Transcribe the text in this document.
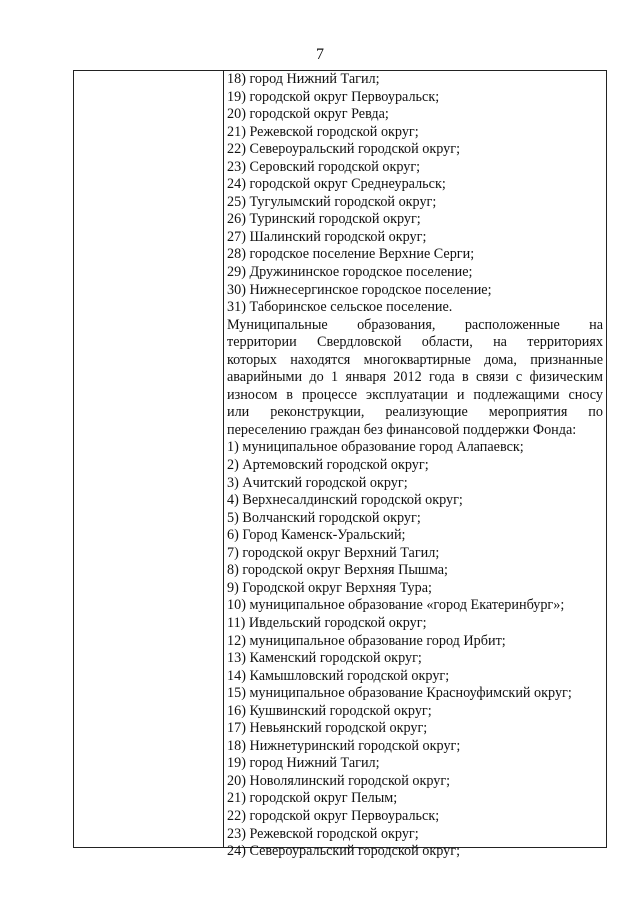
7
18) город Нижний Тагил;
19) городской округ Первоуральск;
20) городской округ Ревда;
21) Режевской городской округ;
22) Североуральский городской округ;
23) Серовский городской округ;
24) городской округ Среднеуральск;
25) Тугулымский городской округ;
26) Туринский городской округ;
27) Шалинский городской округ;
28) городское поселение Верхние Серги;
29) Дружининское городское поселение;
30) Нижнесергинское городское поселение;
31) Таборинское сельское поселение.
Муниципальные образования, расположенные на
территории Свердловской области, на территориях
которых находятся многоквартирные дома, признанные
аварийными до 1 января 2012 года в связи с физическим
износом в процессе эксплуатации и подлежащими сносу
или реконструкции, реализующие мероприятия по
переселению граждан без финансовой поддержки Фонда:
1) муниципальное образование город Алапаевск;
2) Артемовский городской округ;
3) Ачитский городской округ;
4) Верхнесалдинский городской округ;
5) Волчанский городской округ;
6) Город Каменск-Уральский;
7) городской округ Верхний Тагил;
8) городской округ Верхняя Пышма;
9) Городской округ Верхняя Тура;
10) муниципальное образование «город Екатеринбург»;
11) Ивдельский городской округ;
12) муниципальное образование город Ирбит;
13) Каменский городской округ;
14) Камышловский городской округ;
15) муниципальное образование Красноуфимский округ;
16) Кушвинский городской округ;
17) Невьянский городской округ;
18) Нижнетуринский городской округ;
19) город Нижний Тагил;
20) Новолялинский городской округ;
21) городской округ Пелым;
22) городской округ Первоуральск;
23) Режевской городской округ;
24) Североуральский городской округ;
